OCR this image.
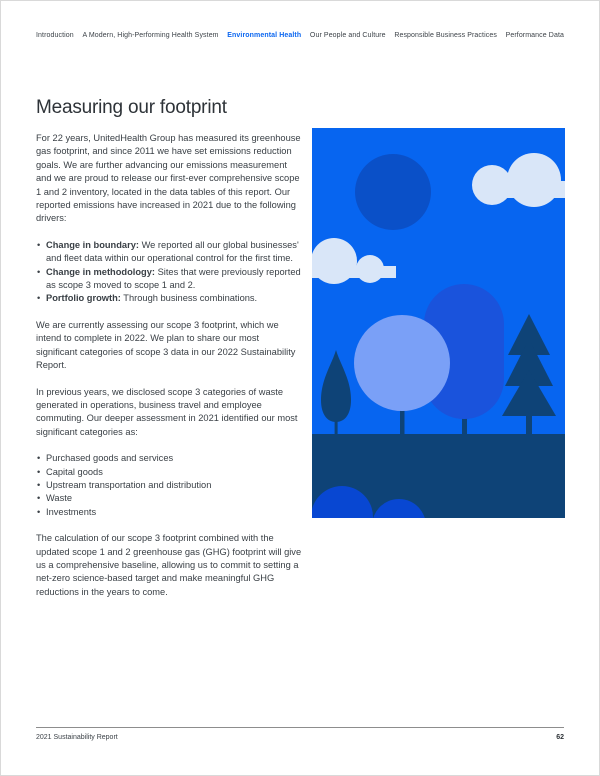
Introduction A Modern, High-Performing Health System Environmental Health Our People and Culture Responsible Business Practices Performance Data
Measuring our footprint

For 22 years, UnitedHealth Group has measured its greenhouse gas footprint, and since 2011 we have set emissions reduction goals. We are further advancing our emissions measurement and we are proud to release our first-ever comprehensive scope 1 and 2 inventory, located in the data tables of this report. Our reported emissions have increased in 2021 due to the following drivers:

• Change in boundary: We reported all our global businesses' and fleet data within our operational control for the first time.
• Change in methodology: Sites that were previously reported as scope 3 moved to scope 1 and 2.
• Portfolio growth: Through business combinations.

We are currently assessing our scope 3 footprint, which we intend to complete in 2022. We plan to share our most significant categories of scope 3 data in our 2022 Sustainability Report.

In previous years, we disclosed scope 3 categories of waste generated in operations, business travel and employee commuting. Our deeper assessment in 2021 identified our most significant categories as:

• Purchased goods and services
• Capital goods
• Upstream transportation and distribution
• Waste
• Investments

The calculation of our scope 3 footprint combined with the updated scope 1 and 2 greenhouse gas (GHG) footprint will give us a comprehensive baseline, allowing us to commit to setting a net-zero science-based target and make meaningful GHG reductions in the years to come.

2021 Sustainability Report	62
